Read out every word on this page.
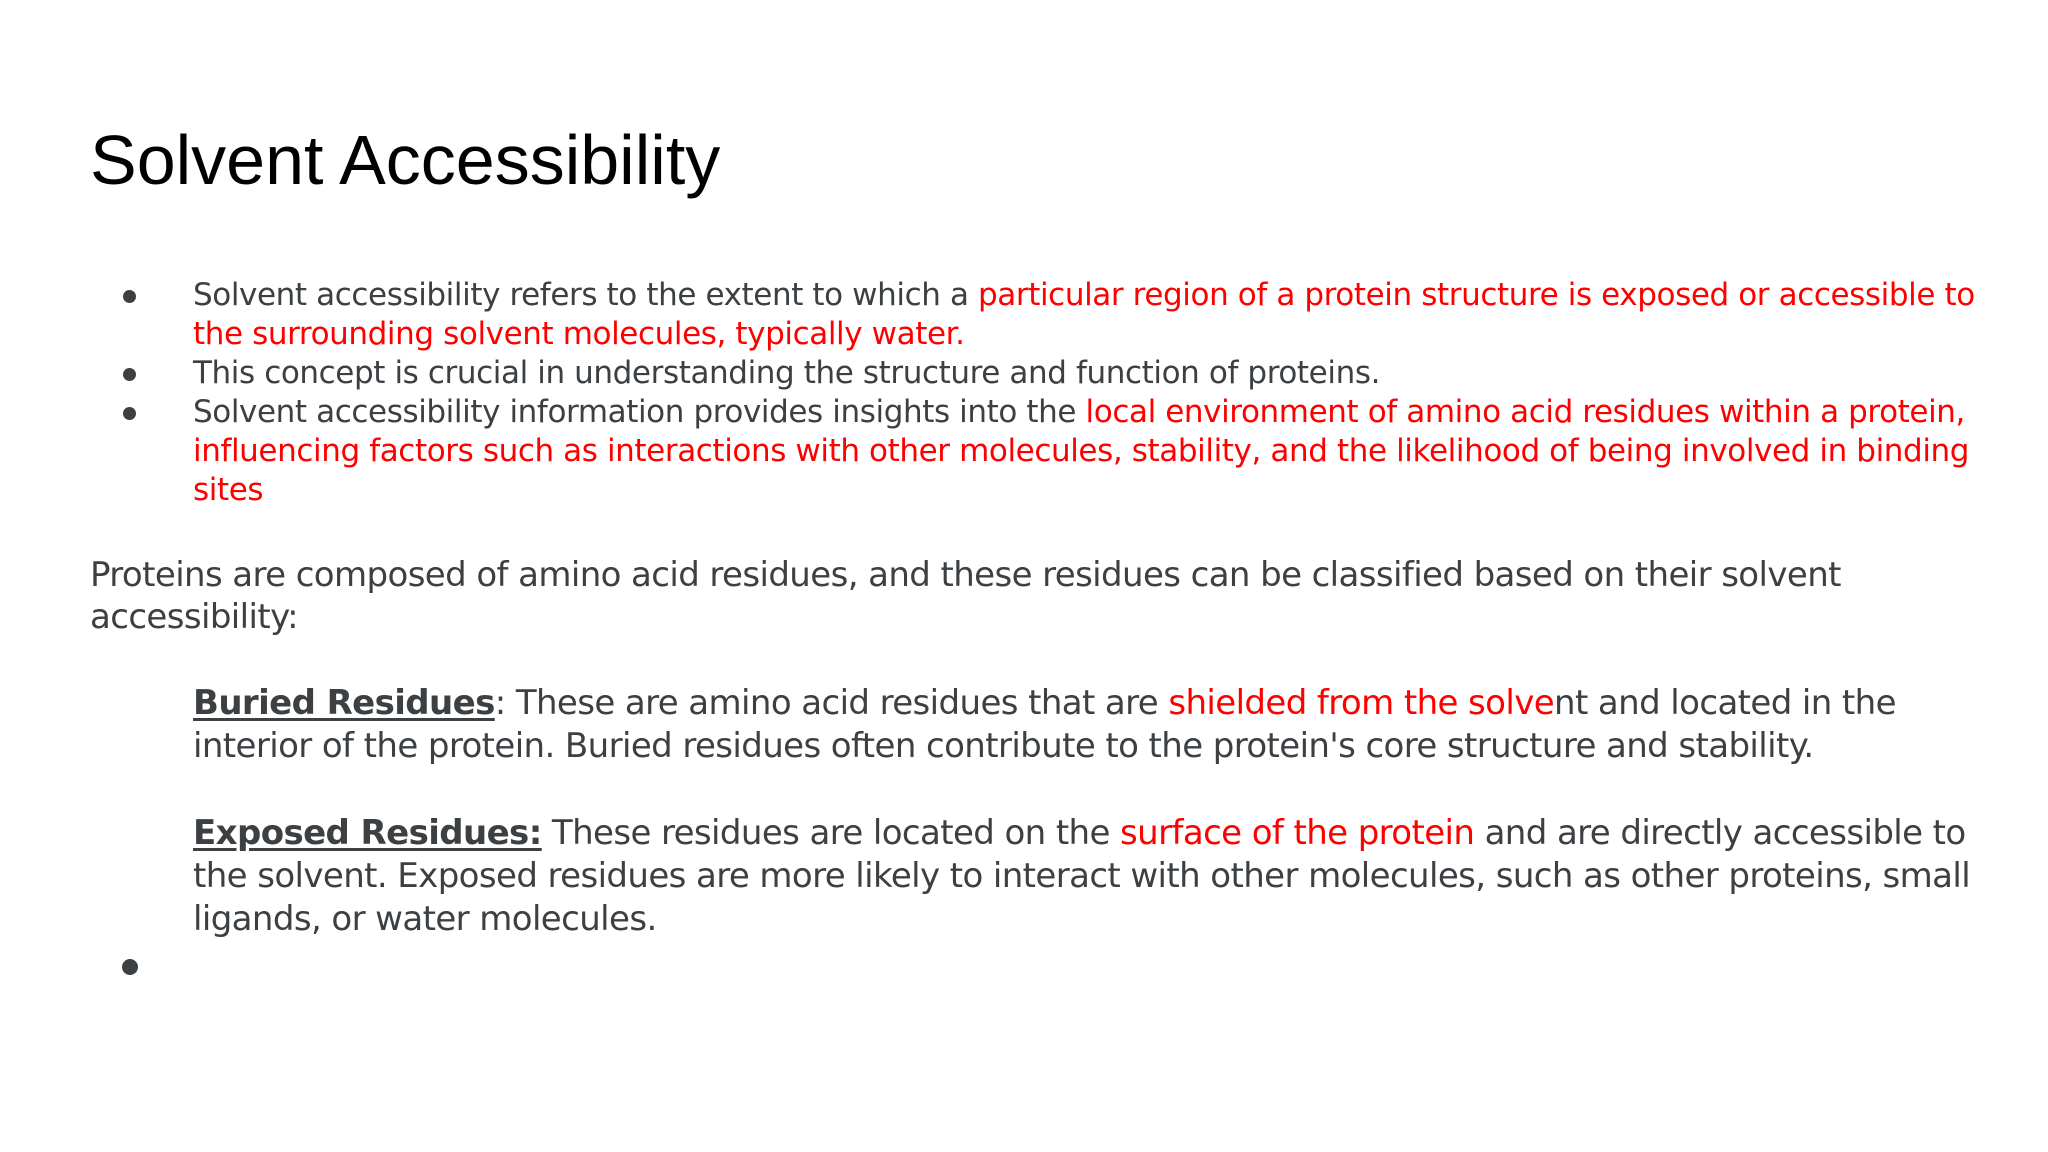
Solvent Accessibility
Solvent accessibility refers to the extent to which a particular region of a protein structure is exposed or accessible to the surrounding solvent molecules, typically water.
This concept is crucial in understanding the structure and function of proteins.
Solvent accessibility information provides insights into the local environment of amino acid residues within a protein, influencing factors such as interactions with other molecules, stability, and the likelihood of being involved in binding sites

Proteins are composed of amino acid residues, and these residues can be classified based on their solvent accessibility:

Buried Residues: These are amino acid residues that are shielded from the solvent and located in the interior of the protein. Buried residues often contribute to the protein's core structure and stability.

Exposed Residues: These residues are located on the surface of the protein and are directly accessible to the solvent. Exposed residues are more likely to interact with other molecules, such as other proteins, small ligands, or water molecules.
